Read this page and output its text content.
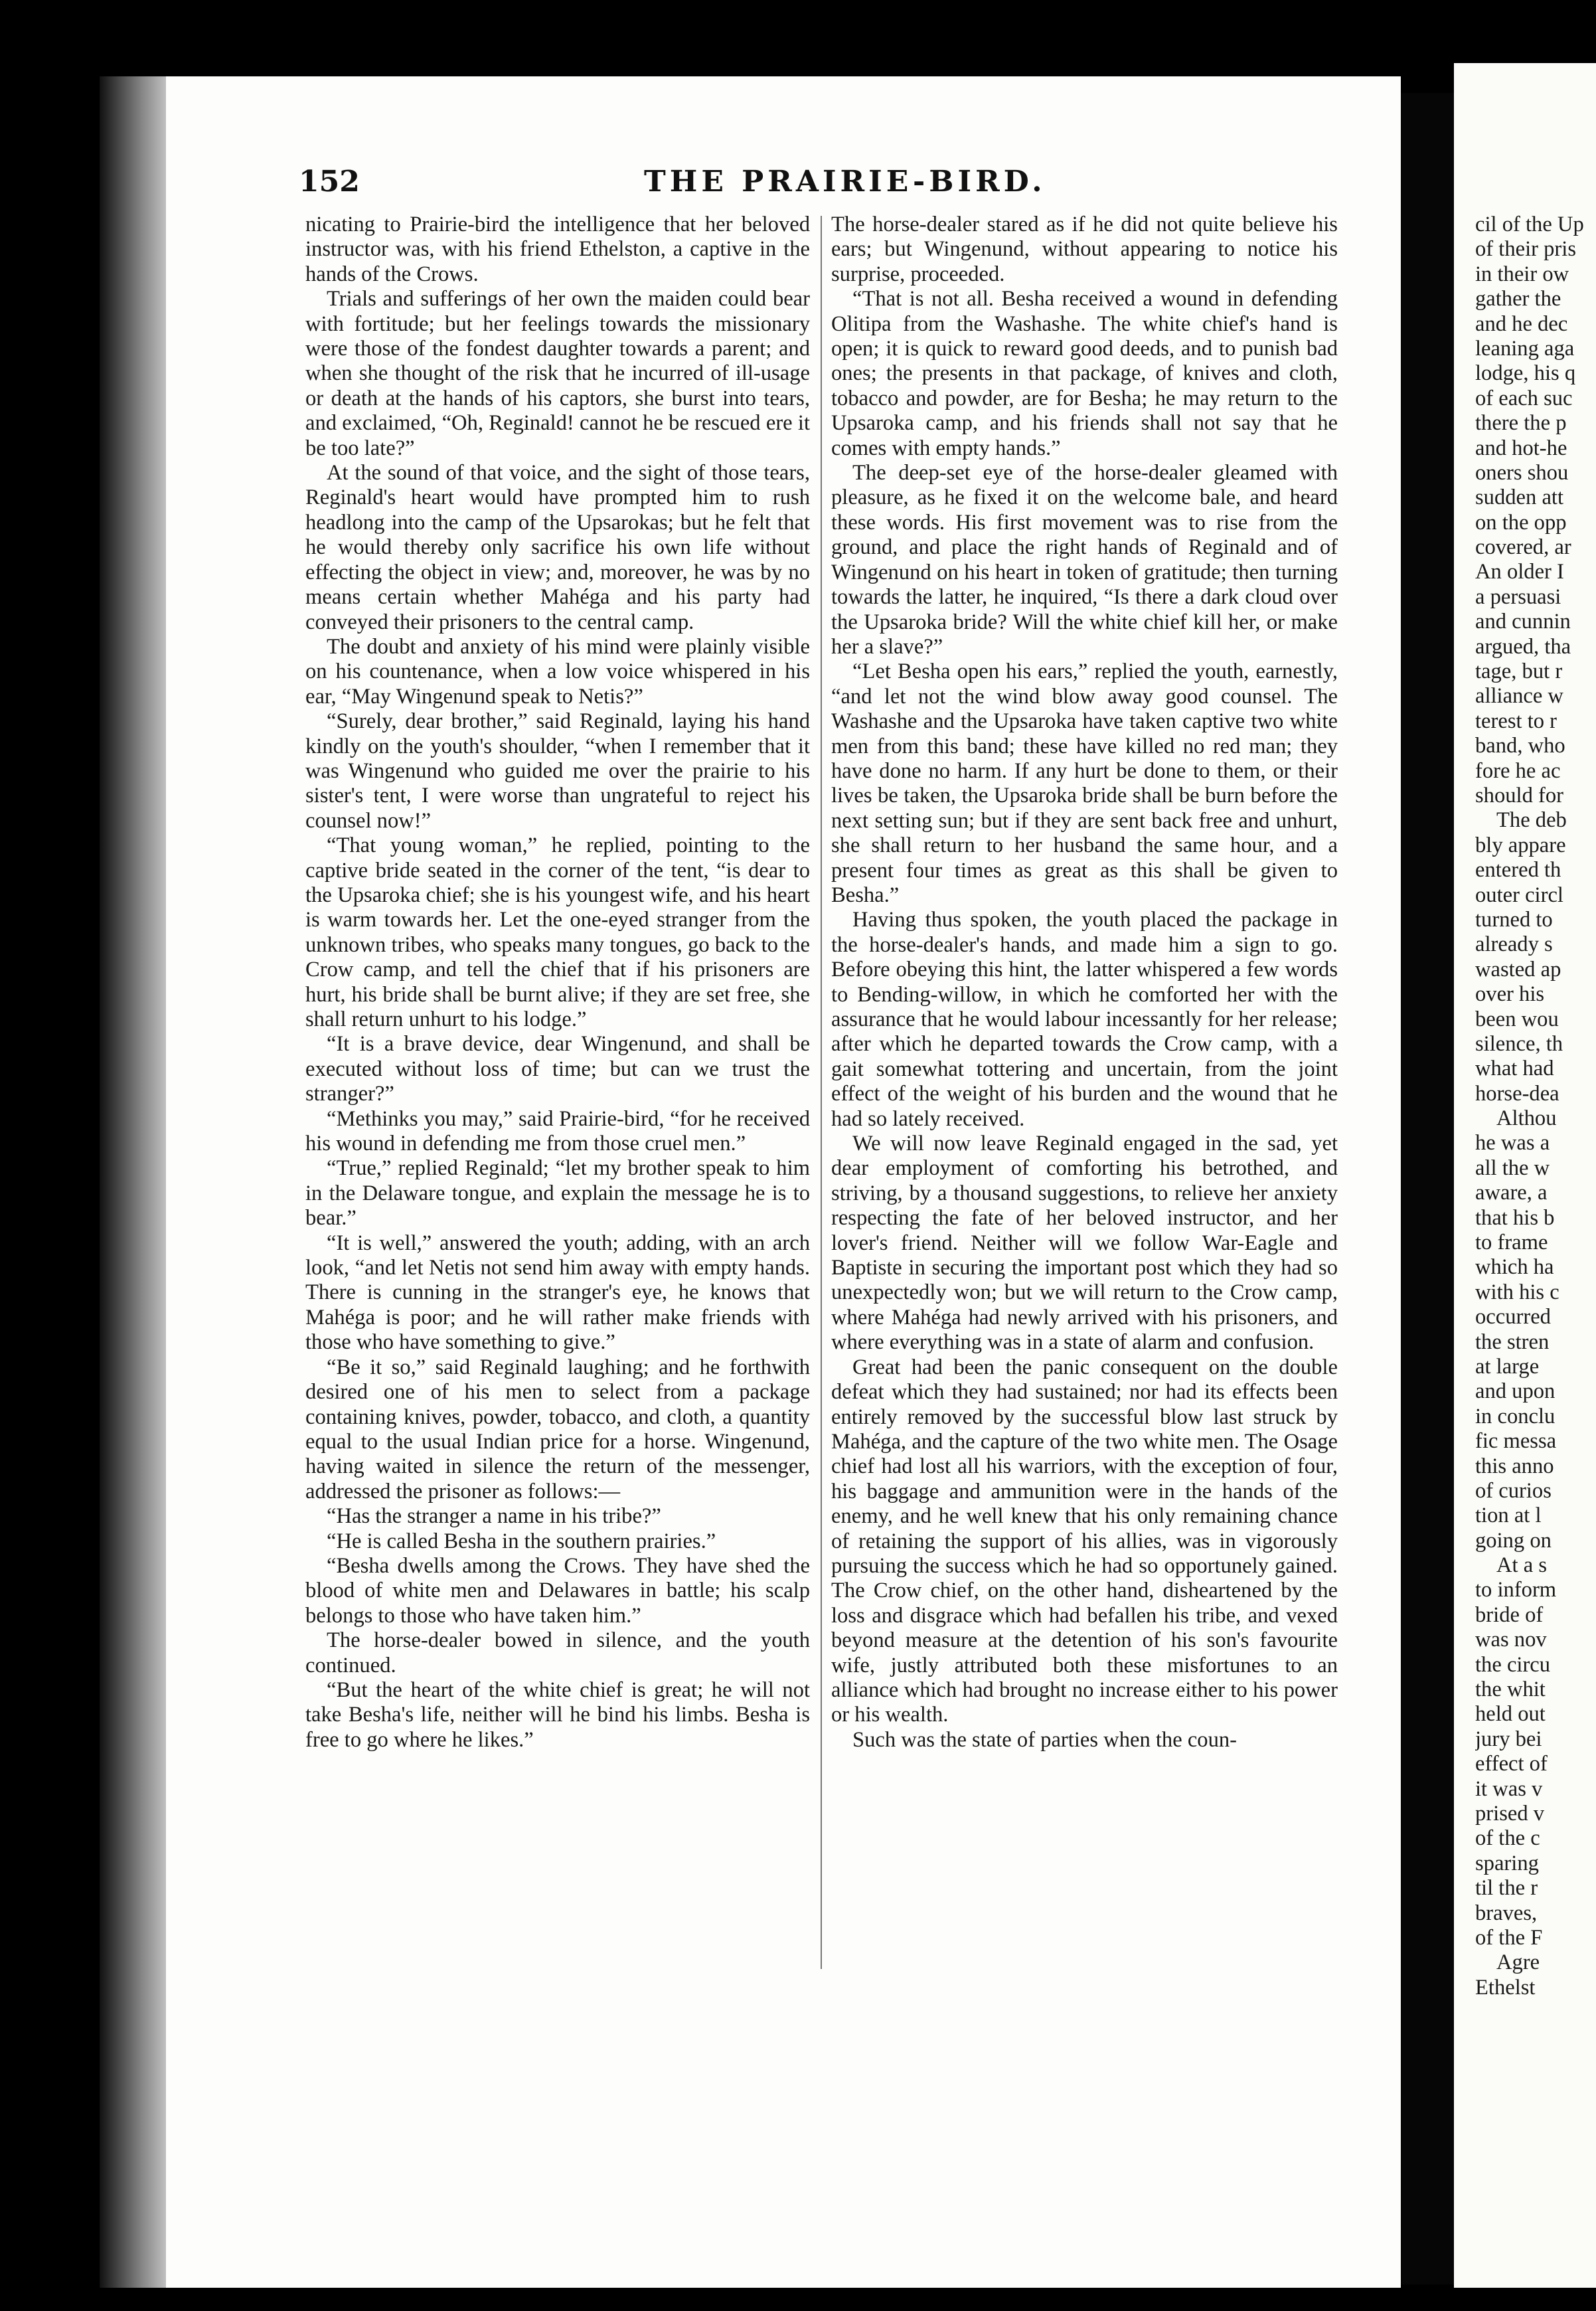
152	THE PRAIRIE-BIRD.

nicating to Prairie-bird the intelligence that her beloved instructor was, with his friend Ethelston, a captive in the hands of the Crows.

Trials and sufferings of her own the maiden could bear with fortitude; but her feelings towards the missionary were those of the fondest daughter towards a parent; and when she thought of the risk that he incurred of ill-usage or death at the hands of his captors, she burst into tears, and exclaimed, “Oh, Reginald! cannot he be rescued ere it be too late?”

At the sound of that voice, and the sight of those tears, Reginald's heart would have prompted him to rush headlong into the camp of the Upsarokas; but he felt that he would thereby only sacrifice his own life without effecting the object in view; and, moreover, he was by no means certain whether Mahéga and his party had conveyed their prisoners to the central camp.

The doubt and anxiety of his mind were plainly visible on his countenance, when a low voice whispered in his ear, “May Wingenund speak to Netis?”

“Surely, dear brother,” said Reginald, laying his hand kindly on the youth's shoulder, “when I remember that it was Wingenund who guided me over the prairie to his sister's tent, I were worse than ungrateful to reject his counsel now!”

“That young woman,” he replied, pointing to the captive bride seated in the corner of the tent, “is dear to the Upsaroka chief; she is his youngest wife, and his heart is warm towards her. Let the one-eyed stranger from the unknown tribes, who speaks many tongues, go back to the Crow camp, and tell the chief that if his prisoners are hurt, his bride shall be burnt alive; if they are set free, she shall return unhurt to his lodge.”

“It is a brave device, dear Wingenund, and shall be executed without loss of time; but can we trust the stranger?”

“Methinks you may,” said Prairie-bird, “for he received his wound in defending me from those cruel men.”

“True,” replied Reginald; “let my brother speak to him in the Delaware tongue, and explain the message he is to bear.”

“It is well,” answered the youth; adding, with an arch look, “and let Netis not send him away with empty hands. There is cunning in the stranger's eye, he knows that Mahéga is poor; and he will rather make friends with those who have something to give.”

“Be it so,” said Reginald laughing; and he forthwith desired one of his men to select from a package containing knives, powder, tobacco, and cloth, a quantity equal to the usual Indian price for a horse. Wingenund, having waited in silence the return of the messenger, addressed the prisoner as follows:—

“Has the stranger a name in his tribe?”

“He is called Besha in the southern prairies.”

“Besha dwells among the Crows. They have shed the blood of white men and Delawares in battle; his scalp belongs to those who have taken him.”

The horse-dealer bowed in silence, and the youth continued.

“But the heart of the white chief is great; he will not take Besha's life, neither will he bind his limbs. Besha is free to go where he likes.”

The horse-dealer stared as if he did not quite believe his ears; but Wingenund, without appearing to notice his surprise, proceeded.

“That is not all. Besha received a wound in defending Olitipa from the Washashe. The white chief's hand is open; it is quick to reward good deeds, and to punish bad ones; the presents in that package, of knives and cloth, tobacco and powder, are for Besha; he may return to the Upsaroka camp, and his friends shall not say that he comes with empty hands.”

The deep-set eye of the horse-dealer gleamed with pleasure, as he fixed it on the welcome bale, and heard these words. His first movement was to rise from the ground, and place the right hands of Reginald and of Wingenund on his heart in token of gratitude; then turning towards the latter, he inquired, “Is there a dark cloud over the Upsaroka bride? Will the white chief kill her, or make her a slave?”

“Let Besha open his ears,” replied the youth, earnestly, “and let not the wind blow away good counsel. The Washashe and the Upsaroka have taken captive two white men from this band; these have killed no red man; they have done no harm. If any hurt be done to them, or their lives be taken, the Upsaroka bride shall be burn before the next setting sun; but if they are sent back free and unhurt, she shall return to her husband the same hour, and a present four times as great as this shall be given to Besha.”

Having thus spoken, the youth placed the package in the horse-dealer's hands, and made him a sign to go. Before obeying this hint, the latter whispered a few words to Bending-willow, in which he comforted her with the assurance that he would labour incessantly for her release; after which he departed towards the Crow camp, with a gait somewhat tottering and uncertain, from the joint effect of the weight of his burden and the wound that he had so lately received.

We will now leave Reginald engaged in the sad, yet dear employment of comforting his betrothed, and striving, by a thousand suggestions, to relieve her anxiety respecting the fate of her beloved instructor, and her lover's friend. Neither will we follow War-Eagle and Baptiste in securing the important post which they had so unexpectedly won; but we will return to the Crow camp, where Mahéga had newly arrived with his prisoners, and where everything was in a state of alarm and confusion.

Great had been the panic consequent on the double defeat which they had sustained; nor had its effects been entirely removed by the successful blow last struck by Mahéga, and the capture of the two white men. The Osage chief had lost all his warriors, with the exception of four, his baggage and ammunition were in the hands of the enemy, and he well knew that his only remaining chance of retaining the support of his allies, was in vigorously pursuing the success which he had so opportunely gained. The Crow chief, on the other hand, disheartened by the loss and disgrace which had befallen his tribe, and vexed beyond measure at the detention of his son's favourite wife, justly attributed both these misfortunes to an alliance which had brought no increase either to his power or his wealth.

Such was the state of parties when the coun-

cil of the Up
of their pris
in their ow
gather the
and he dec
leaning aga
lodge, his q
of each suc
there the p
and hot-he
oners shou
sudden att
on the opp
covered, ar
An older I
a persuasi
and cunnin
argued, tha
tage, but r
alliance w
terest to r
band, who
fore he ac
should for
The deb
bly appare
entered th
outer circl
turned to
already s
wasted ap
over his
been wou
silence, th
what had
horse-dea
Althou
he was a
all the w
aware, a
that his b
to frame
which ha
with his c
occurred
the stren
at large
and upon
in conclu
fic messa
this anno
of curios
tion at l
going on
At a s
to inform
bride of
was nov
the circu
the whit
held out
jury bei
effect of
it was v
prised v
of the c
sparing
til the r
braves,
of the F
Agre
Ethelst
